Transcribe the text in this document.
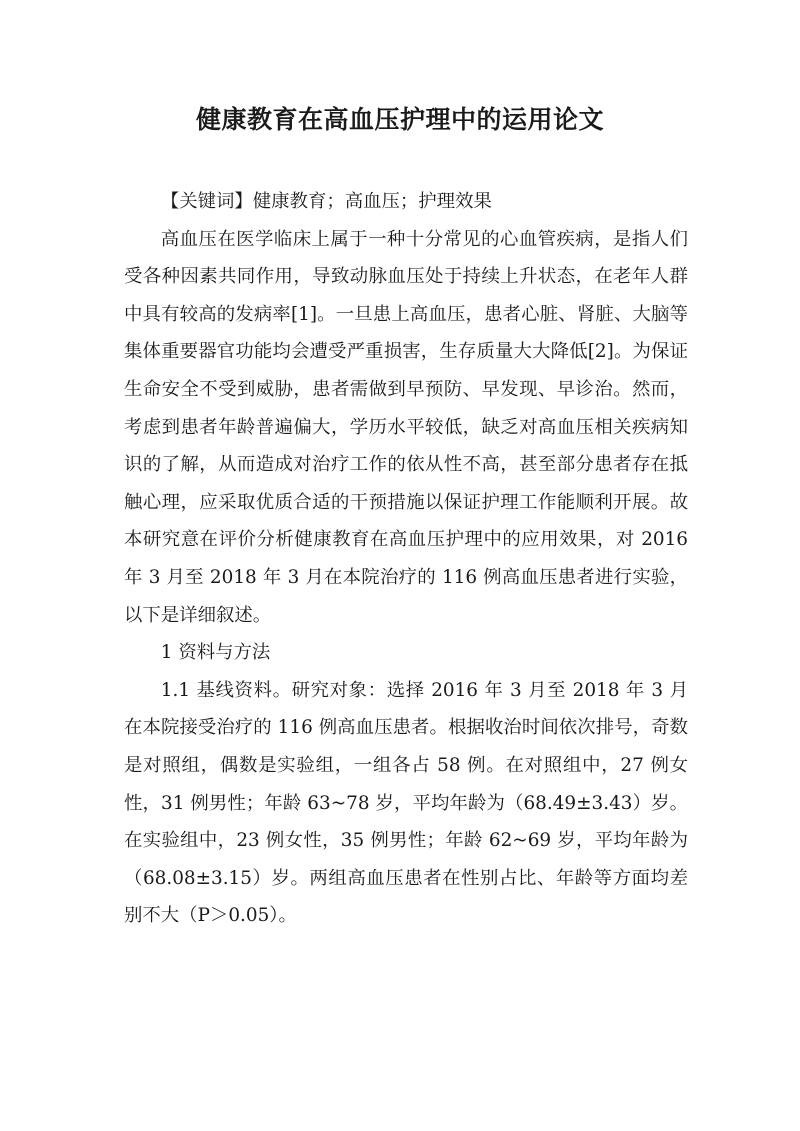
健康教育在高血压护理中的运用论文

【关键词】健康教育；高血压；护理效果

高血压在医学临床上属于一种十分常见的心血管疾病，是指人们受各种因素共同作用，导致动脉血压处于持续上升状态，在老年人群中具有较高的发病率[1]。一旦患上高血压，患者心脏、肾脏、大脑等集体重要器官功能均会遭受严重损害，生存质量大大降低[2]。为保证生命安全不受到威胁，患者需做到早预防、早发现、早诊治。然而，考虑到患者年龄普遍偏大，学历水平较低，缺乏对高血压相关疾病知识的了解，从而造成对治疗工作的依从性不高，甚至部分患者存在抵触心理，应采取优质合适的干预措施以保证护理工作能顺利开展。故本研究意在评价分析健康教育在高血压护理中的应用效果，对 2016 年 3 月至 2018 年 3 月在本院治疗的 116 例高血压患者进行实验，以下是详细叙述。

1 资料与方法

1.1 基线资料。研究对象：选择 2016 年 3 月至 2018 年 3 月在本院接受治疗的 116 例高血压患者。根据收治时间依次排号，奇数是对照组，偶数是实验组，一组各占 58 例。在对照组中，27 例女性，31 例男性；年龄 63~78 岁，平均年龄为（68.49±3.43）岁。在实验组中，23 例女性，35 例男性；年龄 62~69 岁，平均年龄为（68.08±3.15）岁。两组高血压患者在性别占比、年龄等方面均差别不大（P＞0.05）。
